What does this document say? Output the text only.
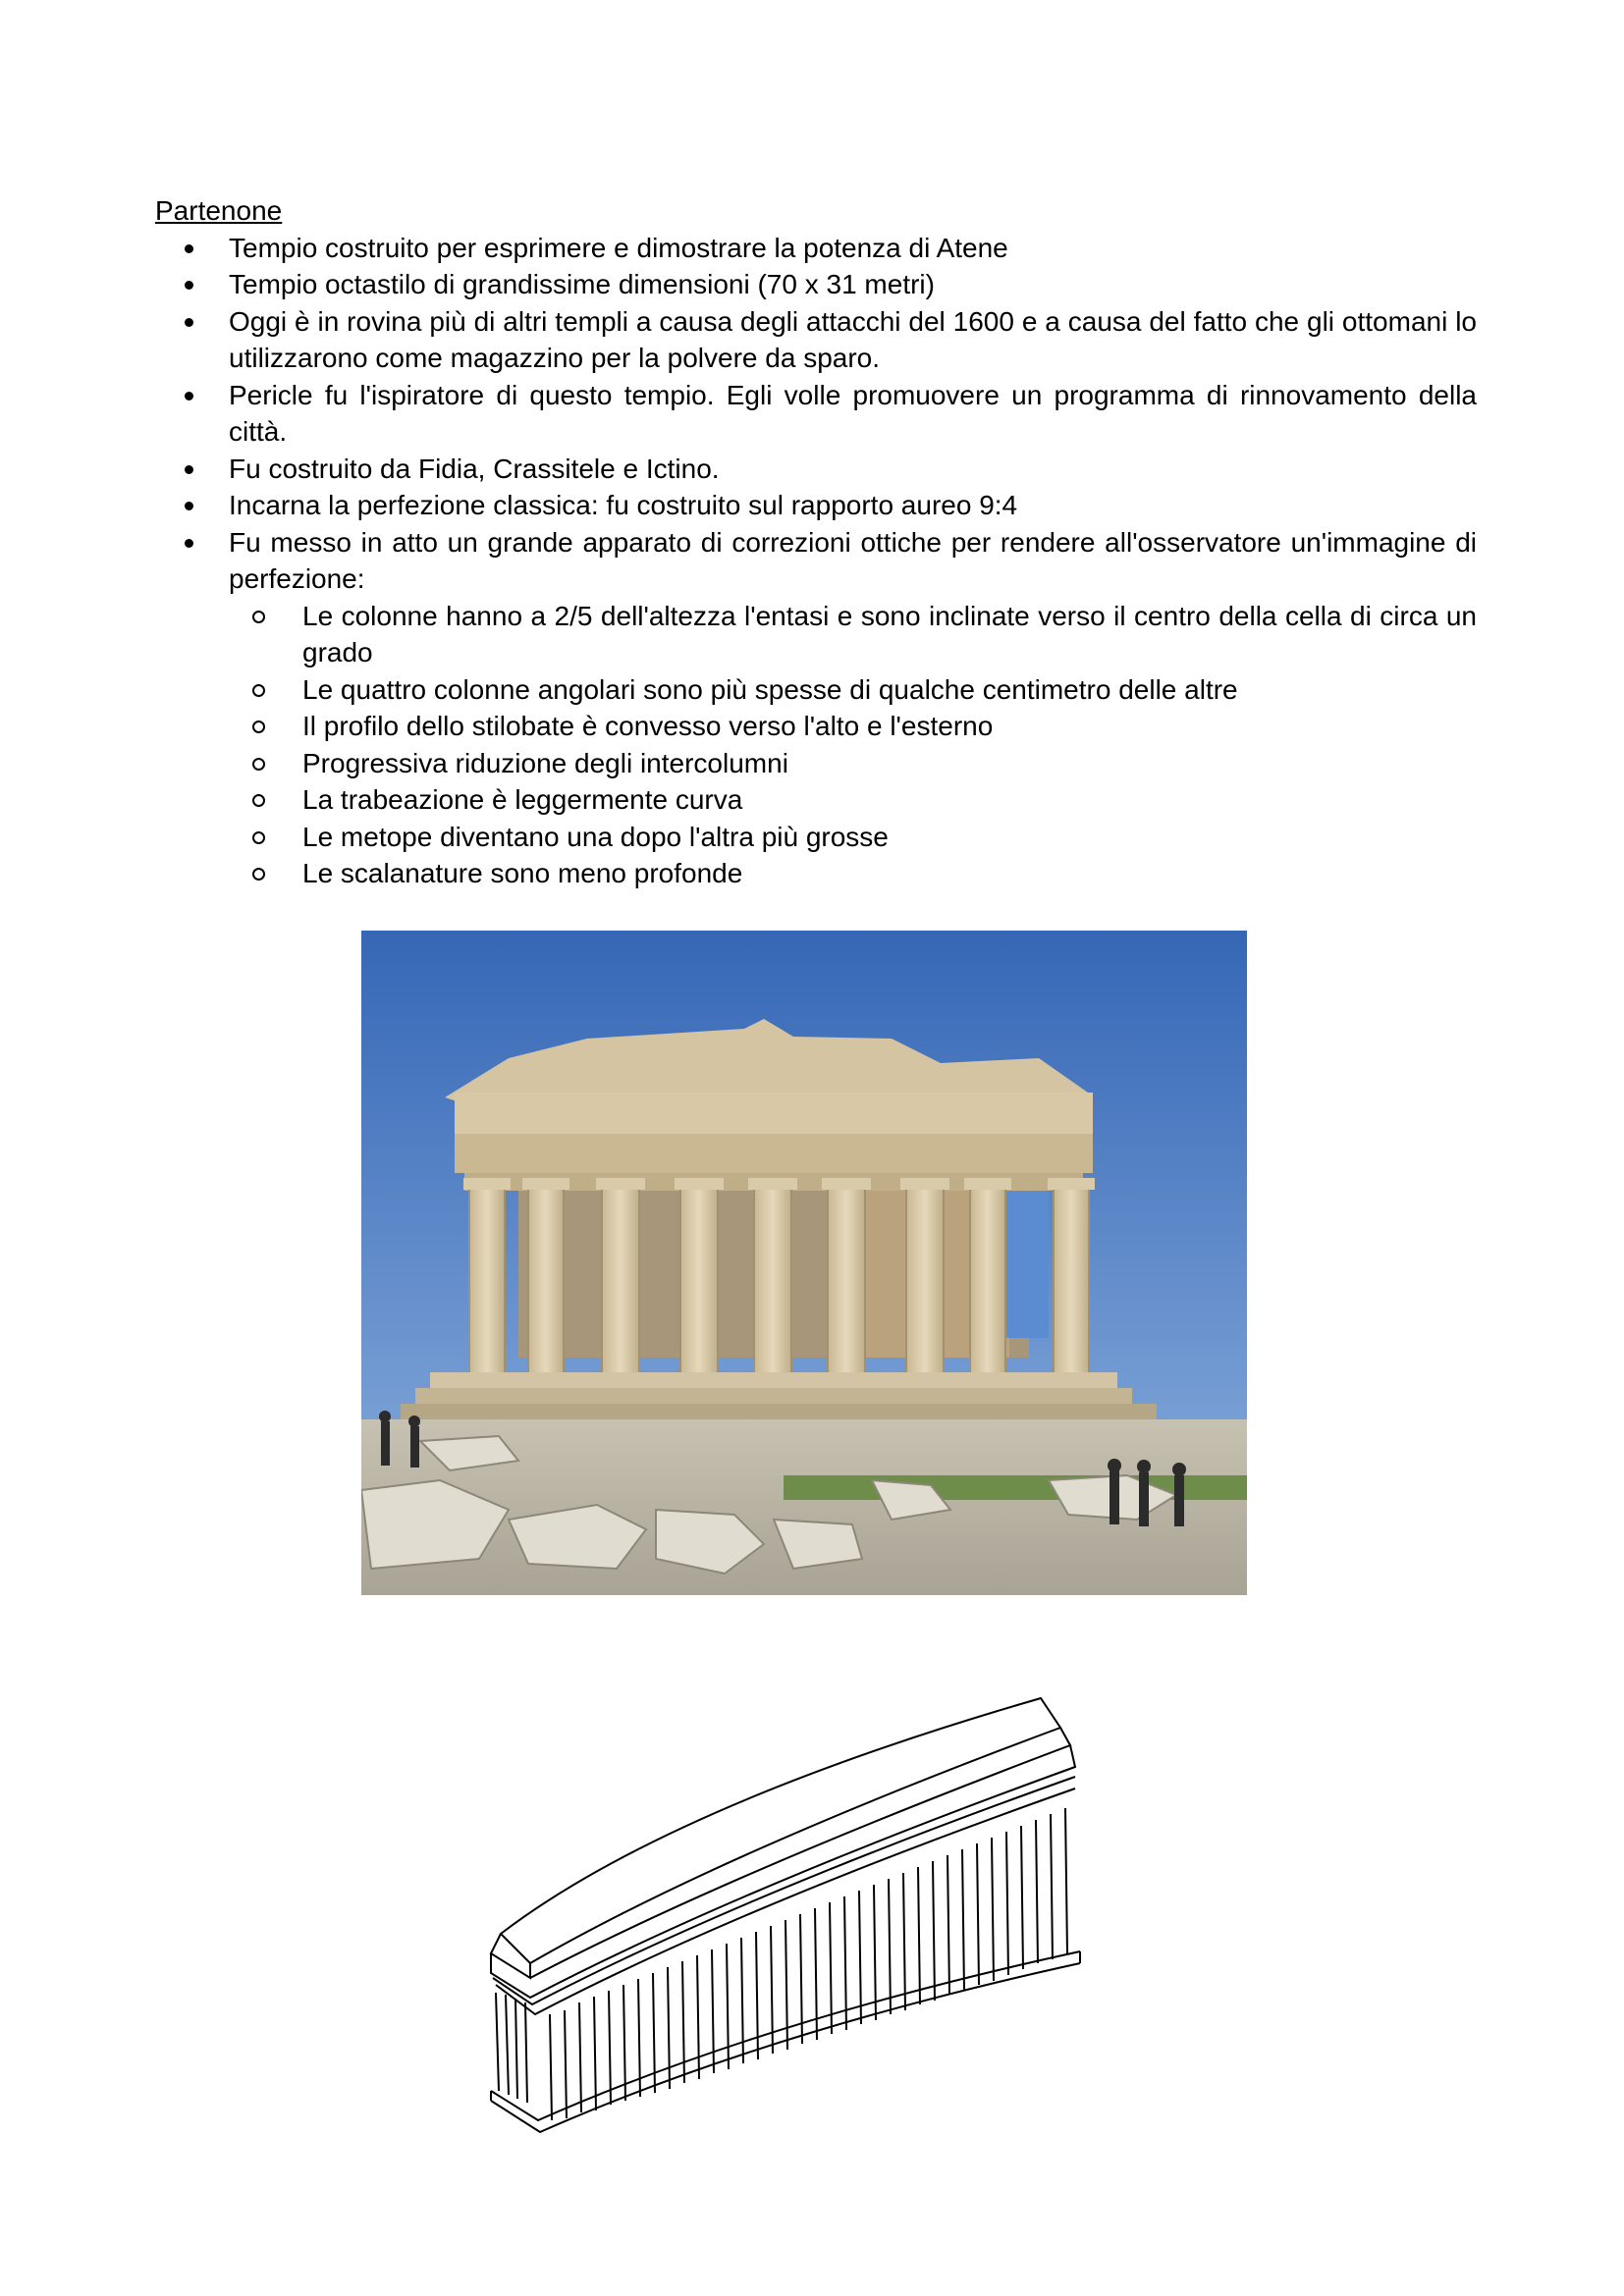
Partenone
Tempio costruito per esprimere e dimostrare la potenza di Atene
Tempio octastilo di grandissime dimensioni (70 x 31 metri)
Oggi è in rovina più di altri templi a causa degli attacchi del 1600 e a causa del fatto che gli ottomani lo utilizzarono come magazzino per la polvere da sparo.
Pericle fu l'ispiratore di questo tempio. Egli volle promuovere un programma di rinnovamento della città.
Fu costruito da Fidia, Crassitele e Ictino.
Incarna la perfezione classica: fu costruito sul rapporto aureo 9:4
Fu messo in atto un grande apparato di correzioni ottiche per rendere all'osservatore un'immagine di perfezione:
Le colonne hanno a 2/5 dell'altezza l'entasi e sono inclinate verso il centro della cella di circa un grado
Le quattro colonne angolari sono più spesse di qualche centimetro delle altre
Il profilo dello stilobate è convesso verso l'alto e l'esterno
Progressiva riduzione degli intercolumni
La trabeazione è leggermente curva
Le metope diventano una dopo l'altra più grosse
Le scalanature sono meno profonde
